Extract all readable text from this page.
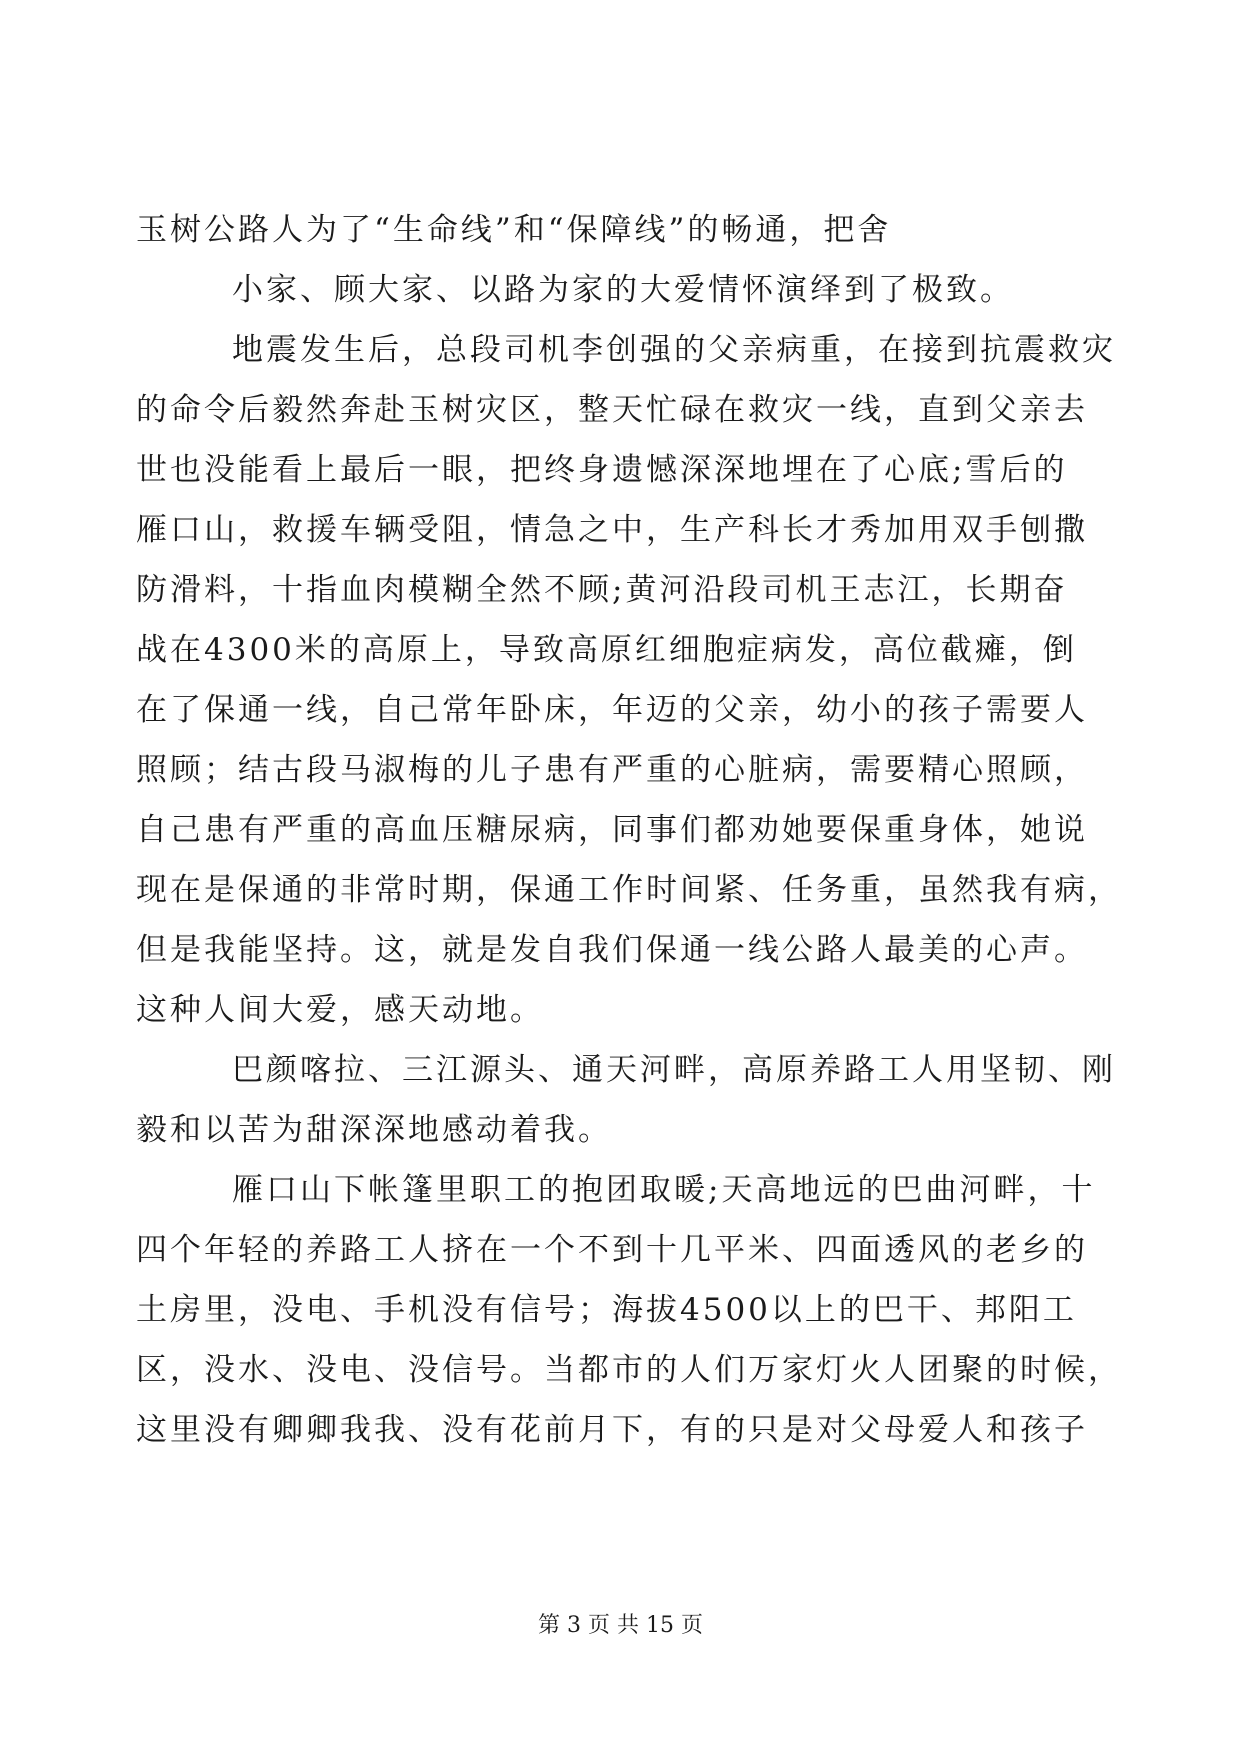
玉树公路人为了“生命线”和“保障线”的畅通，把舍
小家、顾大家、以路为家的大爱情怀演绎到了极致。
地震发生后，总段司机李创强的父亲病重，在接到抗震救灾
的命令后毅然奔赴玉树灾区，整天忙碌在救灾一线，直到父亲去
世也没能看上最后一眼，把终身遗憾深深地埋在了心底;雪后的
雁口山，救援车辆受阻，情急之中，生产科长才秀加用双手刨撒
防滑料，十指血肉模糊全然不顾;黄河沿段司机王志江，长期奋
战在4300米的高原上，导致高原红细胞症病发，高位截瘫，倒
在了保通一线，自己常年卧床，年迈的父亲，幼小的孩子需要人
照顾；结古段马淑梅的儿子患有严重的心脏病，需要精心照顾，
自己患有严重的高血压糖尿病，同事们都劝她要保重身体，她说
现在是保通的非常时期，保通工作时间紧、任务重，虽然我有病，
但是我能坚持。这，就是发自我们保通一线公路人最美的心声。
这种人间大爱，感天动地。
巴颜喀拉、三江源头、通天河畔，高原养路工人用坚韧、刚
毅和以苦为甜深深地感动着我。
雁口山下帐篷里职工的抱团取暖;天高地远的巴曲河畔，十
四个年轻的养路工人挤在一个不到十几平米、四面透风的老乡的
土房里，没电、手机没有信号；海拔4500以上的巴干、邦阳工
区，没水、没电、没信号。当都市的人们万家灯火人团聚的时候，
这里没有卿卿我我、没有花前月下，有的只是对父母爱人和孩子
第 3 页 共 15 页
